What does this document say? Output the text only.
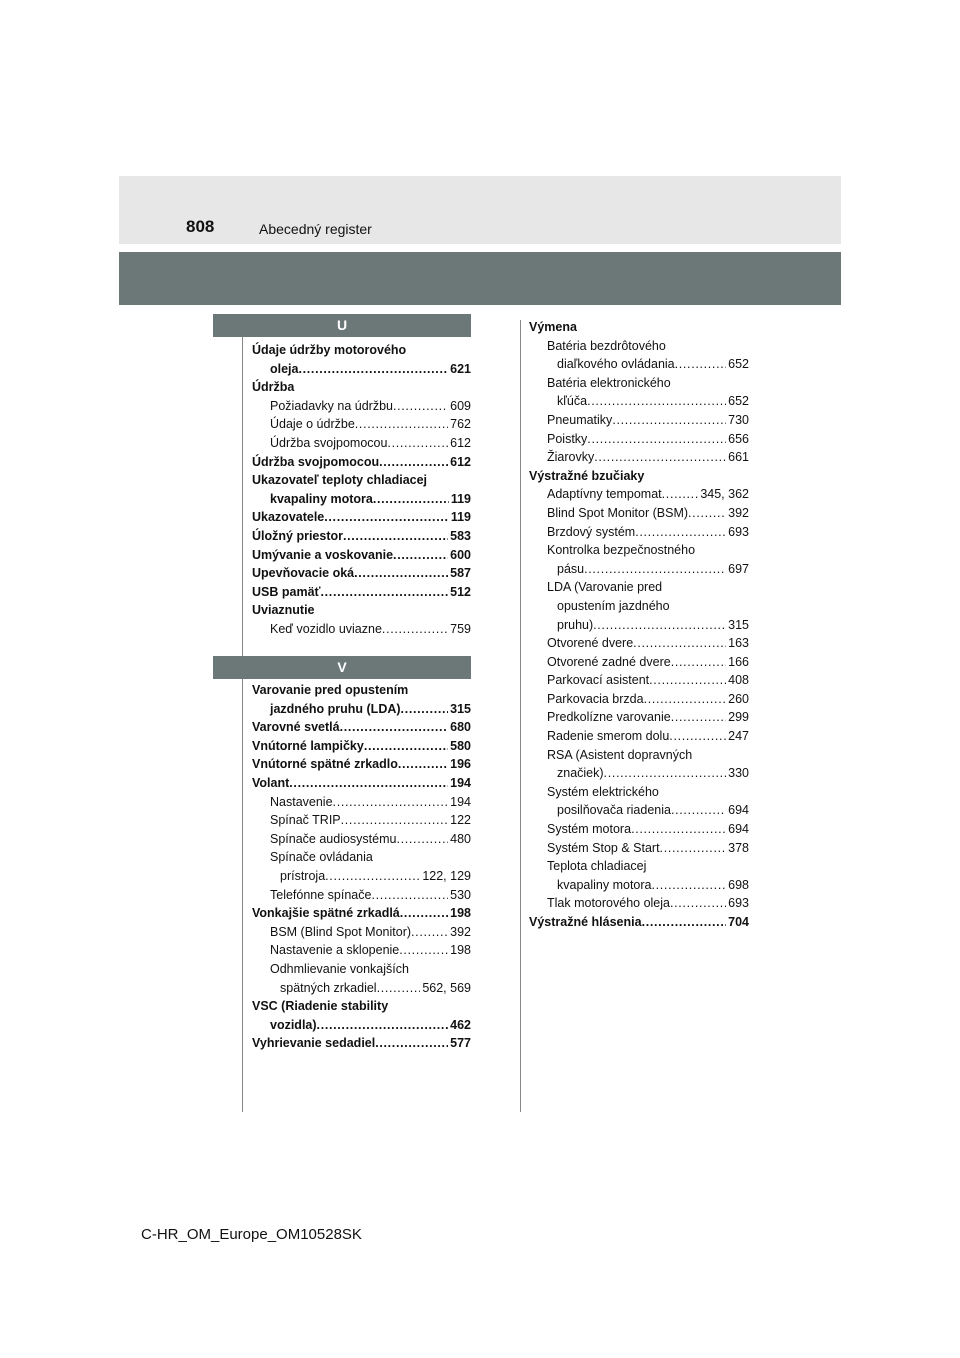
808	Abecedný register
U
Údaje údržby motorového
oleja . . .	621
Údržba
Požiadavky na údržbu . . .	609
Údaje o údržbe . . .	762
Údržba svojpomocou . . .	612
Údržba svojpomocou . . .	612
Ukazovateľ teploty chladiacej
kvapaliny motora . . .	119
Ukazovatele . . .	119
Úložný priestor . . .	583
Umývanie a voskovanie . . .	600
Upevňovacie oká . . .	587
USB pamäť . . .	512
Uviaznutie
Keď vozidlo uviazne . . .	759
V
Varovanie pred opustením
jazdného pruhu (LDA) . . .	315
Varovné svetlá . . .	680
Vnútorné lampičky . . .	580
Vnútorné spätné zrkadlo . . .	196
Volant . . .	194
Nastavenie . . .	194
Spínač TRIP . . .	122
Spínače audiosystému . . .	480
Spínače ovládania
prístroja . . .	122, 129
Telefónne spínače . . .	530
Vonkajšie spätné zrkadlá . . .	198
BSM (Blind Spot Monitor) . . .	392
Nastavenie a sklopenie . . .	198
Odhmlievanie vonkajších
spätných zrkadiel . . .	562, 569
VSC (Riadenie stability
vozidla) . . .	462
Vyhrievanie sedadiel . . .	577
Výmena
Batéria bezdrôtového
diaľkového ovládania . . .	652
Batéria elektronického
kľúča . . .	652
Pneumatiky . . .	730
Poistky . . .	656
Žiarovky . . .	661
Výstražné bzučiaky
Adaptívny tempomat . . .	345, 362
Blind Spot Monitor (BSM) . . .	392
Brzdový systém . . .	693
Kontrolka bezpečnostného
pásu . . .	697
LDA (Varovanie pred
opustením jazdného
pruhu) . . .	315
Otvorené dvere . . .	163
Otvorené zadné dvere . . .	166
Parkovací asistent . . .	408
Parkovacia brzda . . .	260
Predkolízne varovanie . . .	299
Radenie smerom dolu . . .	247
RSA (Asistent dopravných
značiek) . . .	330
Systém elektrického
posilňovača riadenia . . .	694
Systém motora . . .	694
Systém Stop & Start . . .	378
Teplota chladiacej
kvapaliny motora . . .	698
Tlak motorového oleja . . .	693
Výstražné hlásenia . . .	704
C-HR_OM_Europe_OM10528SK
